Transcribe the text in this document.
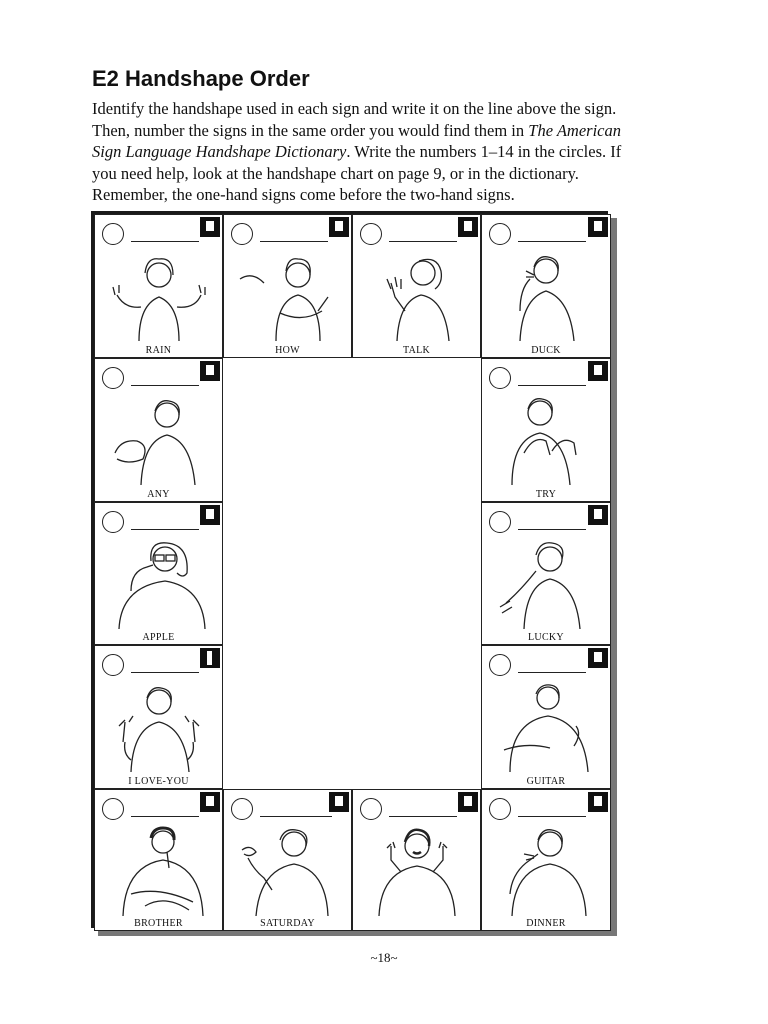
E2 Handshape Order

Identify the handshape used in each sign and write it on the line above the sign. Then, number the signs in the same order you would find them in The American Sign Language Handshape Dictionary. Write the numbers 1–14 in the circles. If you need help, look at the handshape chart on page 9, or in the dictionary. Remember, the one-hand signs come before the two-hand signs.

RAIN	HOW	TALK	DUCK
ANY	TRY
APPLE	LUCKY
I LOVE-YOU	GUITAR
BROTHER	SATURDAY	DINNER
~18~
